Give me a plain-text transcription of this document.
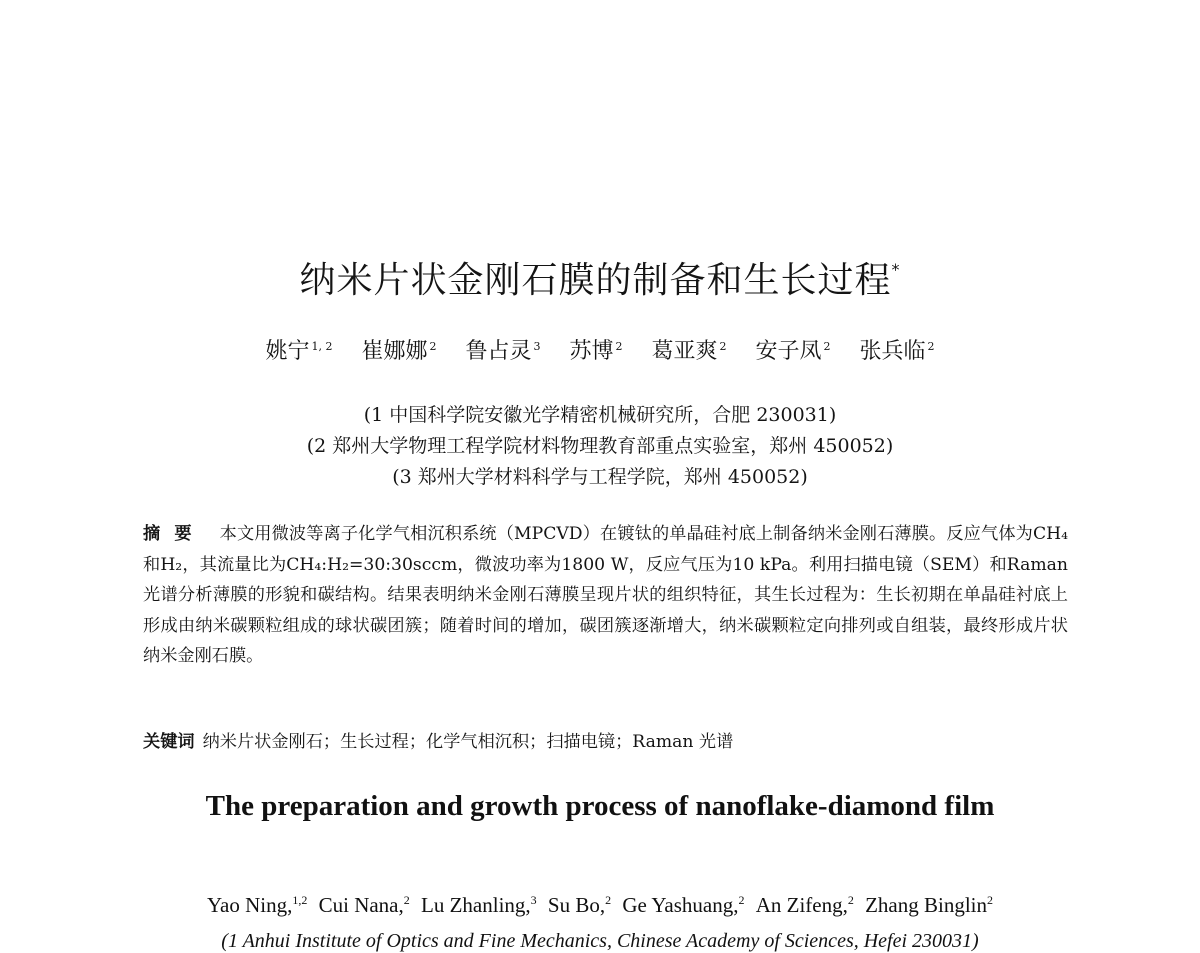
纳米片状金刚石膜的制备和生长过程*
姚宁 $^{1, 2}$ 崔娜娜 $^2$ 鲁占灵 $^3$ 苏博 $^2$ 葛亚爽 $^2$ 安子凤 $^2$ 张兵临 $^2$
(1 中国科学院安徽光学精密机械研究所，合肥 230031)
(2 郑州大学物理工程学院材料物理教育部重点实验室，郑州 450052)
(3 郑州大学材料科学与工程学院，郑州 450052)
摘要 本文用微波等离子化学气相沉积系统（MPCVD）在镀钛的单晶硅衬底上制备纳米金刚石薄膜。反应气体为CH₄和H₂，其流量比为CH₄:H₂=30:30sccm，微波功率为1800 W，反应气压为10 kPa。利用扫描电镜（SEM）和Raman 光谱分析薄膜的形貌和碳结构。结果表明纳米金刚石薄膜呈现片状的组织特征，其生长过程为：生长初期在单晶硅衬底上形成由纳米碳颗粒组成的球状碳团簇；随着时间的增加，碳团簇逐渐增大，纳米碳颗粒定向排列或自组装，最终形成片状纳米金刚石膜。
关键词 纳米片状金刚石；生长过程；化学气相沉积；扫描电镜；Raman 光谱
The preparation and growth process of nanoflake-diamond film
Yao Ning,$^{1,2}$ Cui Nana,$^2$ Lu Zhanling,$^3$ Su Bo,$^2$ Ge Yashuang,$^2$ An Zifeng,$^2$ Zhang Binglin$^2$
(1 Anhui Institute of Optics and Fine Mechanics, Chinese Academy of Sciences, Hefei 230031)
